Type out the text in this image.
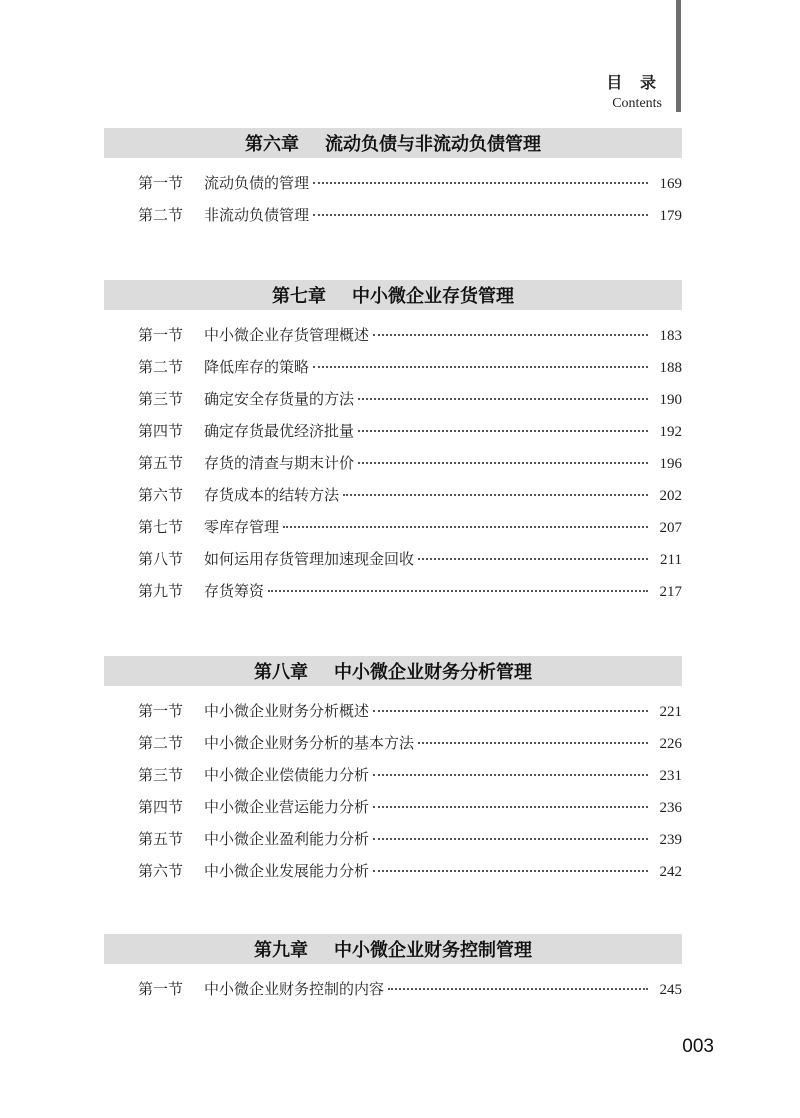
目 录
Contents
第六章 流动负债与非流动负债管理
第一节	流动负债的管理	169
第二节	非流动负债管理	179
第七章 中小微企业存货管理
第一节	中小微企业存货管理概述	183
第二节	降低库存的策略	188
第三节	确定安全存货量的方法	190
第四节	确定存货最优经济批量	192
第五节	存货的清查与期末计价	196
第六节	存货成本的结转方法	202
第七节	零库存管理	207
第八节	如何运用存货管理加速现金回收	211
第九节	存货筹资	217
第八章 中小微企业财务分析管理
第一节	中小微企业财务分析概述	221
第二节	中小微企业财务分析的基本方法	226
第三节	中小微企业偿债能力分析	231
第四节	中小微企业营运能力分析	236
第五节	中小微企业盈利能力分析	239
第六节	中小微企业发展能力分析	242
第九章 中小微企业财务控制管理
第一节	中小微企业财务控制的内容	245
003
